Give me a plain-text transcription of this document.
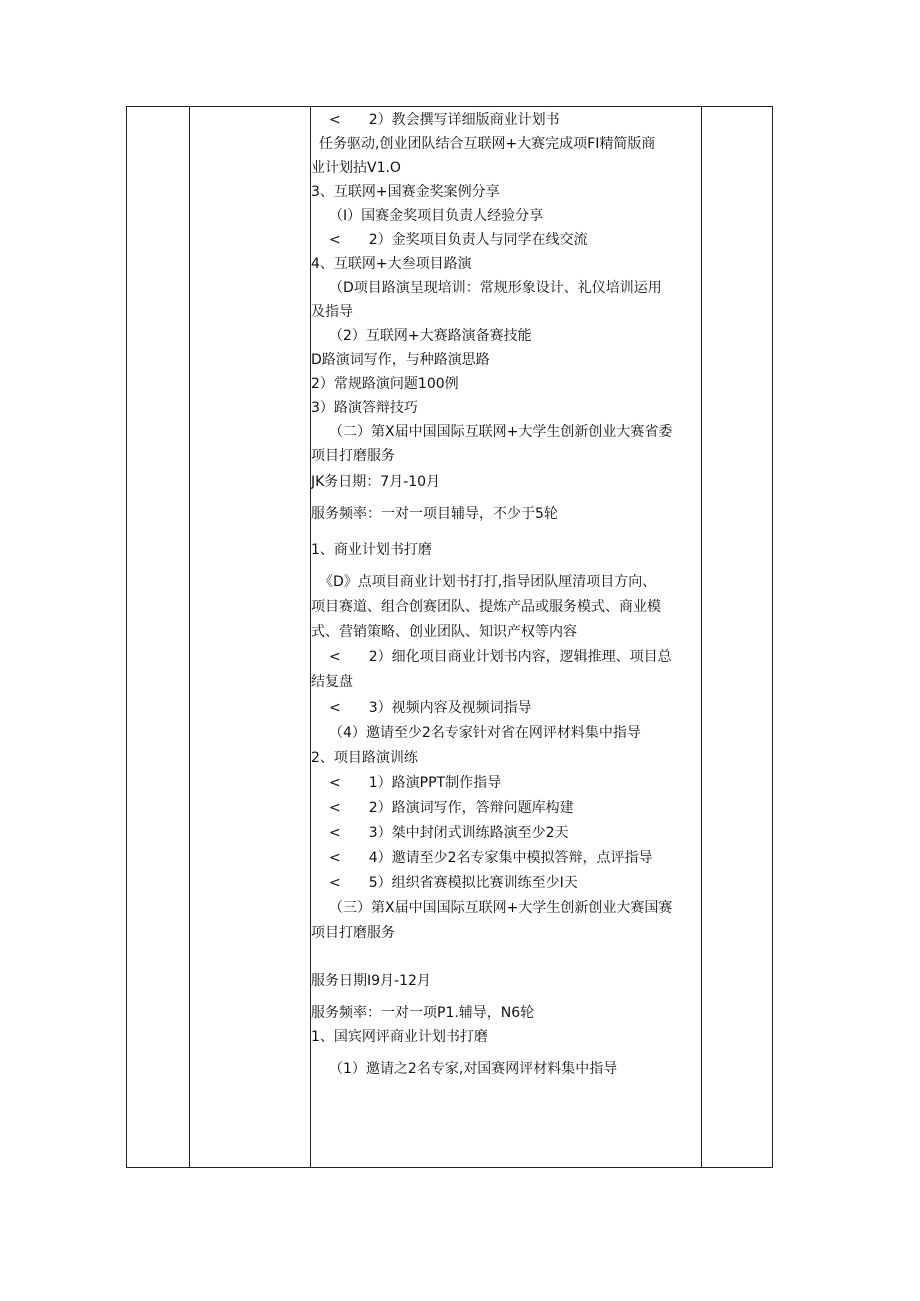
<　　2）教会撰写详细版商业计划书
任务驱动,创业团队结合互联网+大赛完成项FI精简版商
业计划拈V1.O
3、互联网+国赛金奖案例分享
（I）国赛金奖项目负责人经验分享
<　　2）金奖项目负责人与同学在线交流
4、互联网+大叁项目路演
（D项目路演呈现培训：常规形象设计、礼仪培训运用
及指导
（2）互联网+大赛路演备赛技能
D路演词写作，与种路演思路
2）常规路演问题100例
3）路演答辩技巧
（二）第X届中国国际互联网+大学生创新创业大赛省委
项目打磨服务
JK务日期：7月-10月
服务频率：一对一项目辅导，不少于5轮
1、商业计划书打磨
《D》点项目商业计划书打打,指导团队厘清项目方向、
项目赛道、组合创赛团队、提炼产品或服务模式、商业模
式、营销策略、创业团队、知识产权等内容
<　　2）细化项目商业计划书内容，逻辑推理、项目总
结复盘
<　　3）视频内容及视频词指导
（4）邀请至少2名专家针对省在网评材料集中指导
2、项目路演训练
<　　1）路演PPT制作指导
<　　2）路演词写作，答辩问题库构建
<　　3）桀中封闭式训练路演至少2天
<　　4）邀请至少2名专家集中模拟答辩，点评指导
<　　5）组织省赛模拟比赛训练至少I天
（三）第X届中国国际互联网+大学生创新创业大赛国赛
项目打磨服务
服务日期I9月-12月
服务频率：一对一项P1.辅导，N6轮
1、国宾网评商业计划书打磨
（1）邀请之2名专家,对国赛网评材料集中指导
